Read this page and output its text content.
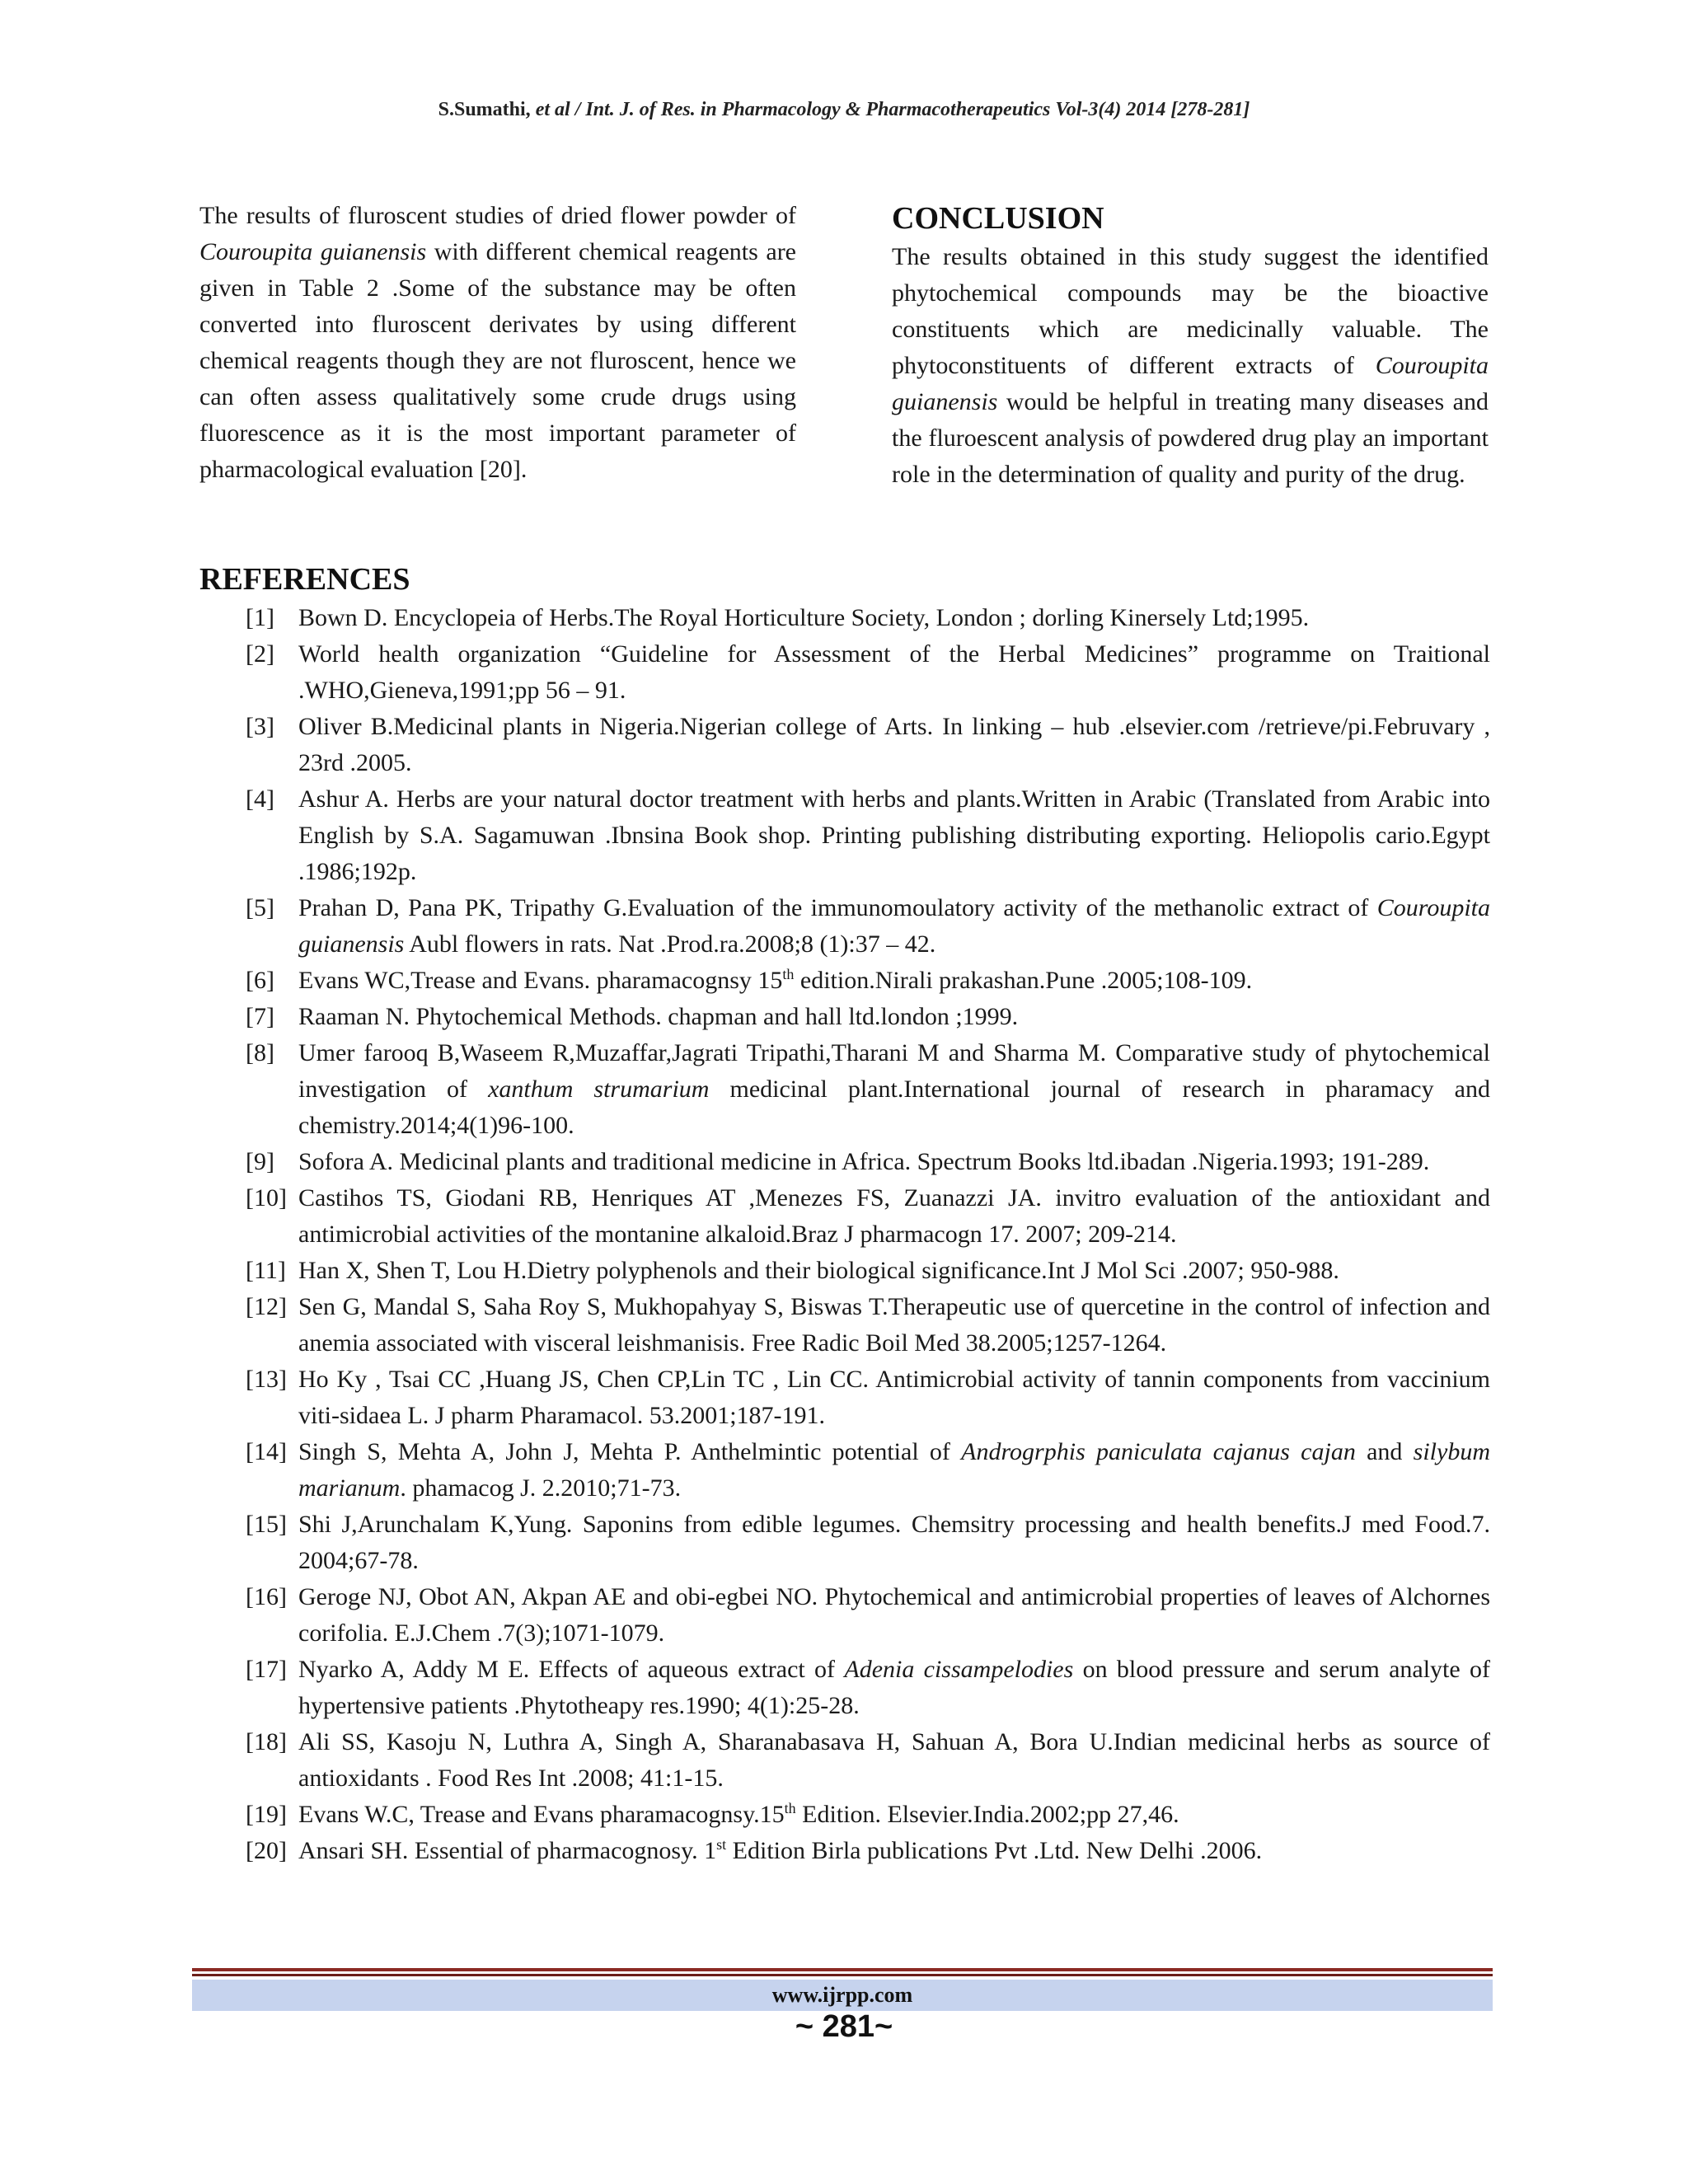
S.Sumathi, et al / Int. J. of Res. in Pharmacology & Pharmacotherapeutics Vol-3(4) 2014 [278-281]

The results of fluroscent studies of dried flower powder of Couroupita guianensis with different chemical reagents are given in Table 2 .Some of the substance may be often converted into fluroscent derivates by using different chemical reagents though they are not fluroscent, hence we can often assess qualitatively some crude drugs using fluorescence as it is the most important parameter of pharmacological evaluation [20].

CONCLUSION

The results obtained in this study suggest the identified phytochemical compounds may be the bioactive constituents which are medicinally valuable. The phytoconstituents of different extracts of Couroupita guianensis would be helpful in treating many diseases and the fluroescent analysis of powdered drug play an important role in the determination of quality and purity of the drug.

REFERENCES
[1] Bown D. Encyclopeia of Herbs.The Royal Horticulture Society, London ; dorling Kinersely Ltd;1995.
[2] World health organization “Guideline for Assessment of the Herbal Medicines” programme on Traitional .WHO,Gieneva,1991;pp 56 – 91.
[3] Oliver B.Medicinal plants in Nigeria.Nigerian college of Arts. In linking – hub .elsevier.com /retrieve/pi.Februvary , 23rd .2005.
[4] Ashur A. Herbs are your natural doctor treatment with herbs and plants.Written in Arabic (Translated from Arabic into English by S.A. Sagamuwan .Ibnsina Book shop. Printing publishing distributing exporting. Heliopolis cario.Egypt .1986;192p.
[5] Prahan D, Pana PK, Tripathy G.Evaluation of the immunomoulatory activity of the methanolic extract of Couroupita guianensis Aubl flowers in rats. Nat .Prod.ra.2008;8 (1):37 – 42.
[6] Evans WC,Trease and Evans. pharamacognsy 15th edition.Nirali prakashan.Pune .2005;108-109.
[7] Raaman N. Phytochemical Methods. chapman and hall ltd.london ;1999.
[8] Umer farooq B,Waseem R,Muzaffar,Jagrati Tripathi,Tharani M and Sharma M. Comparative study of phytochemical investigation of xanthum strumarium medicinal plant.International journal of research in pharamacy and chemistry.2014;4(1)96-100.
[9] Sofora A. Medicinal plants and traditional medicine in Africa. Spectrum Books ltd.ibadan .Nigeria.1993; 191-289.
[10] Castihos TS, Giodani RB, Henriques AT ,Menezes FS, Zuanazzi JA. invitro evaluation of the antioxidant and antimicrobial activities of the montanine alkaloid.Braz J pharmacogn 17. 2007; 209-214.
[11] Han X, Shen T, Lou H.Dietry polyphenols and their biological significance.Int J Mol Sci .2007; 950-988.
[12] Sen G, Mandal S, Saha Roy S, Mukhopahyay S, Biswas T.Therapeutic use of quercetine in the control of infection and anemia associated with visceral leishmanisis. Free Radic Boil Med 38.2005;1257-1264.
[13] Ho Ky , Tsai CC ,Huang JS, Chen CP,Lin TC , Lin CC. Antimicrobial activity of tannin components from vaccinium viti-sidaea L. J pharm Pharamacol. 53.2001;187-191.
[14] Singh S, Mehta A, John J, Mehta P. Anthelmintic potential of Androgrphis paniculata cajanus cajan and silybum marianum. phamacog J. 2.2010;71-73.
[15] Shi J,Arunchalam K,Yung. Saponins from edible legumes. Chemsitry processing and health benefits.J med Food.7. 2004;67-78.
[16] Geroge NJ, Obot AN, Akpan AE and obi-egbei NO. Phytochemical and antimicrobial properties of leaves of Alchornes corifolia. E.J.Chem .7(3);1071-1079.
[17] Nyarko A, Addy M E. Effects of aqueous extract of Adenia cissampelodies on blood pressure and serum analyte of hypertensive patients .Phytotheapy res.1990; 4(1):25-28.
[18] Ali SS, Kasoju N, Luthra A, Singh A, Sharanabasava H, Sahuan A, Bora U.Indian medicinal herbs as source of antioxidants . Food Res Int .2008; 41:1-15.
[19] Evans W.C, Trease and Evans pharamacognsy.15th Edition. Elsevier.India.2002;pp 27,46.
[20] Ansari SH. Essential of pharmacognosy. 1st Edition Birla publications Pvt .Ltd. New Delhi .2006.
www.ijrpp.com
~ 281~
